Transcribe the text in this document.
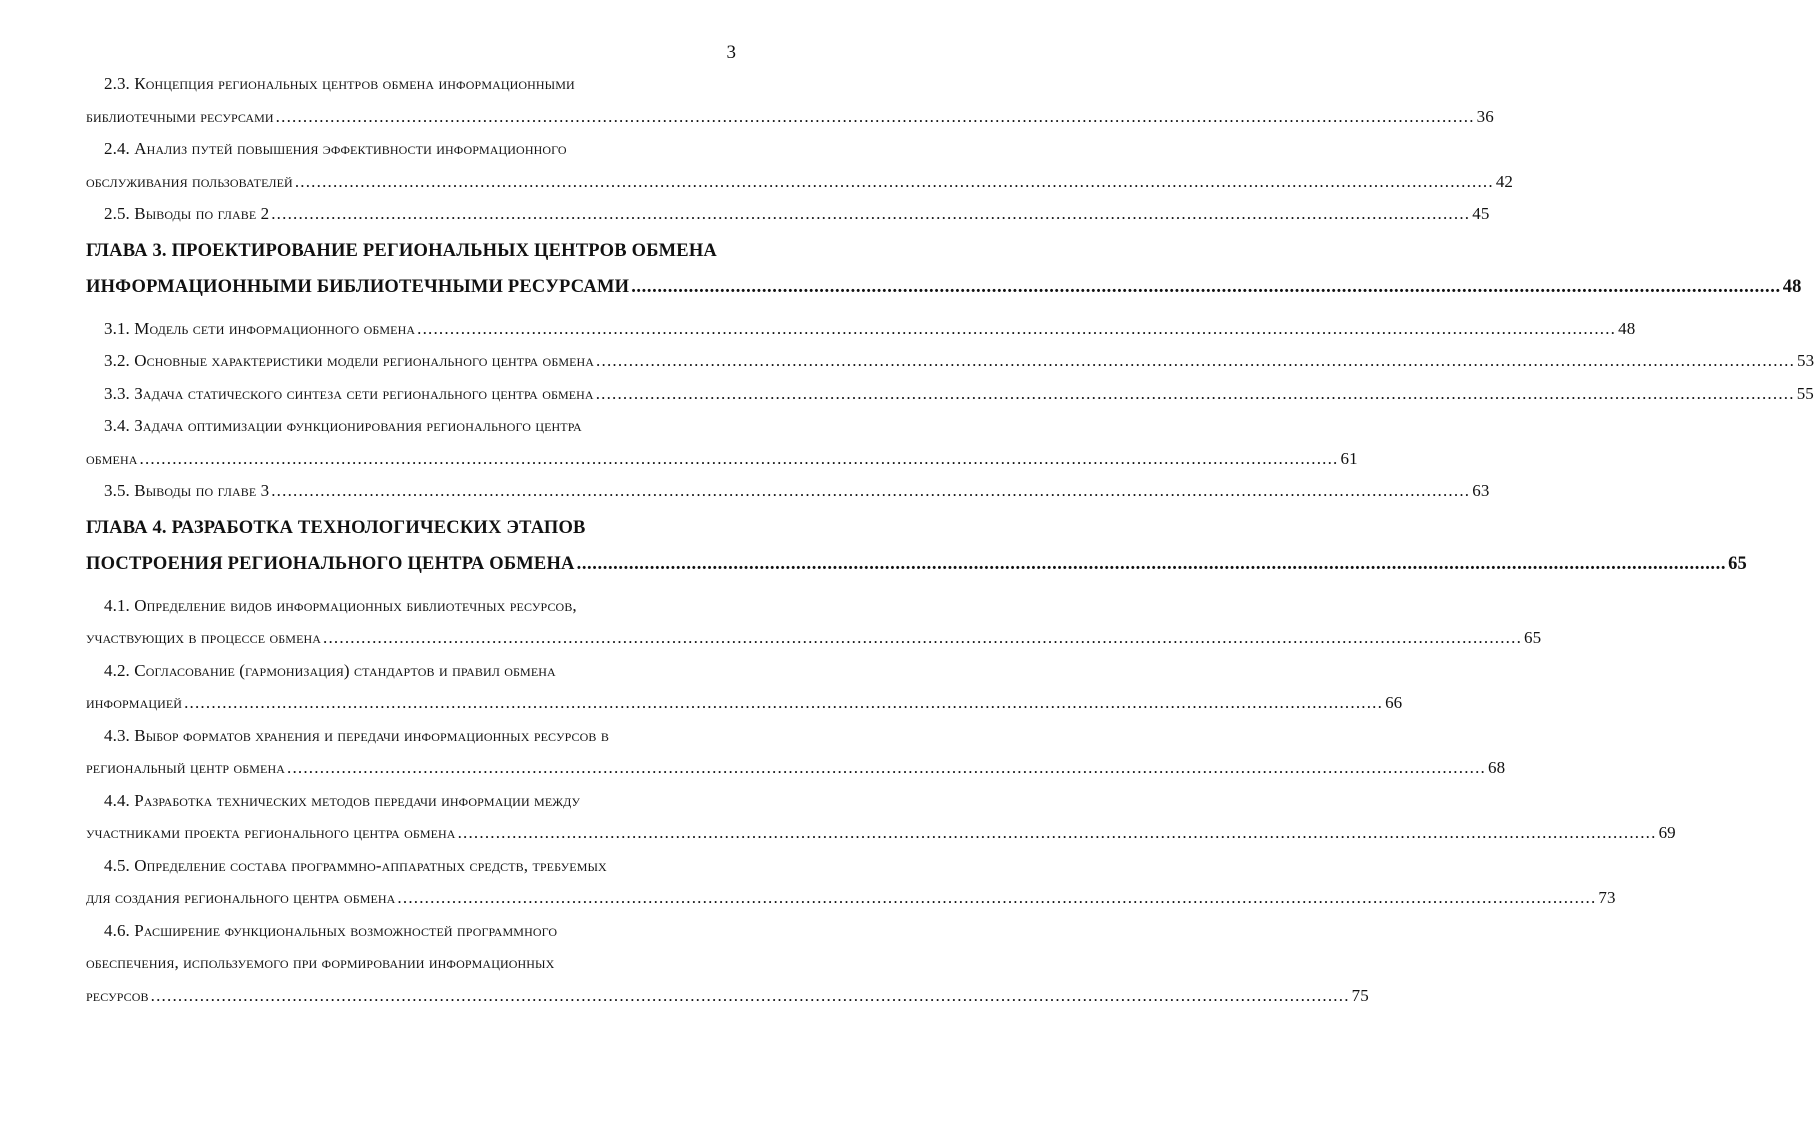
3
2.3. Концепция региональных центров обмена информационными
библиотечными ресурсами ............................................................................................................................................................................................................................ 36
2.4. Анализ путей повышения эффективности информационного
обслуживания пользователей ............................................................................................................................................................................................................................ 42
2.5. Выводы по главе 2 ............................................................................................................................................................................................................................ 45
ГЛАВА 3. ПРОЕКТИРОВАНИЕ РЕГИОНАЛЬНЫХ ЦЕНТРОВ ОБМЕНА
ИНФОРМАЦИОННЫМИ БИБЛИОТЕЧНЫМИ РЕСУРСАМИ ............................................................................................................................................................................................................................ 48
3.1. Модель сети информационного обмена ............................................................................................................................................................................................................................ 48
3.2. Основные характеристики модели регионального центра обмена ............................................................................................................................................................................................................................ 53
3.3. Задача статического синтеза сети регионального центра обмена ............................................................................................................................................................................................................................ 55
3.4. Задача оптимизации функционирования регионального центра
обмена ............................................................................................................................................................................................................................ 61
3.5. Выводы по главе 3 ............................................................................................................................................................................................................................ 63
ГЛАВА 4. РАЗРАБОТКА ТЕХНОЛОГИЧЕСКИХ ЭТАПОВ
ПОСТРОЕНИЯ РЕГИОНАЛЬНОГО ЦЕНТРА ОБМЕНА ............................................................................................................................................................................................................................ 65
4.1. Определение видов информационных библиотечных ресурсов,
участвующих в процессе обмена ............................................................................................................................................................................................................................ 65
4.2. Согласование (гармонизация) стандартов и правил обмена
информацией ............................................................................................................................................................................................................................ 66
4.3. Выбор форматов хранения и передачи информационных ресурсов в
региональный центр обмена ............................................................................................................................................................................................................................ 68
4.4. Разработка технических методов передачи информации между
участниками проекта регионального центра обмена ............................................................................................................................................................................................................................ 69
4.5. Определение состава программно-аппаратных средств, требуемых
для создания регионального центра обмена ............................................................................................................................................................................................................................ 73
4.6. Расширение функциональных возможностей программного
обеспечения, используемого при формировании информационных
ресурсов ............................................................................................................................................................................................................................ 75
